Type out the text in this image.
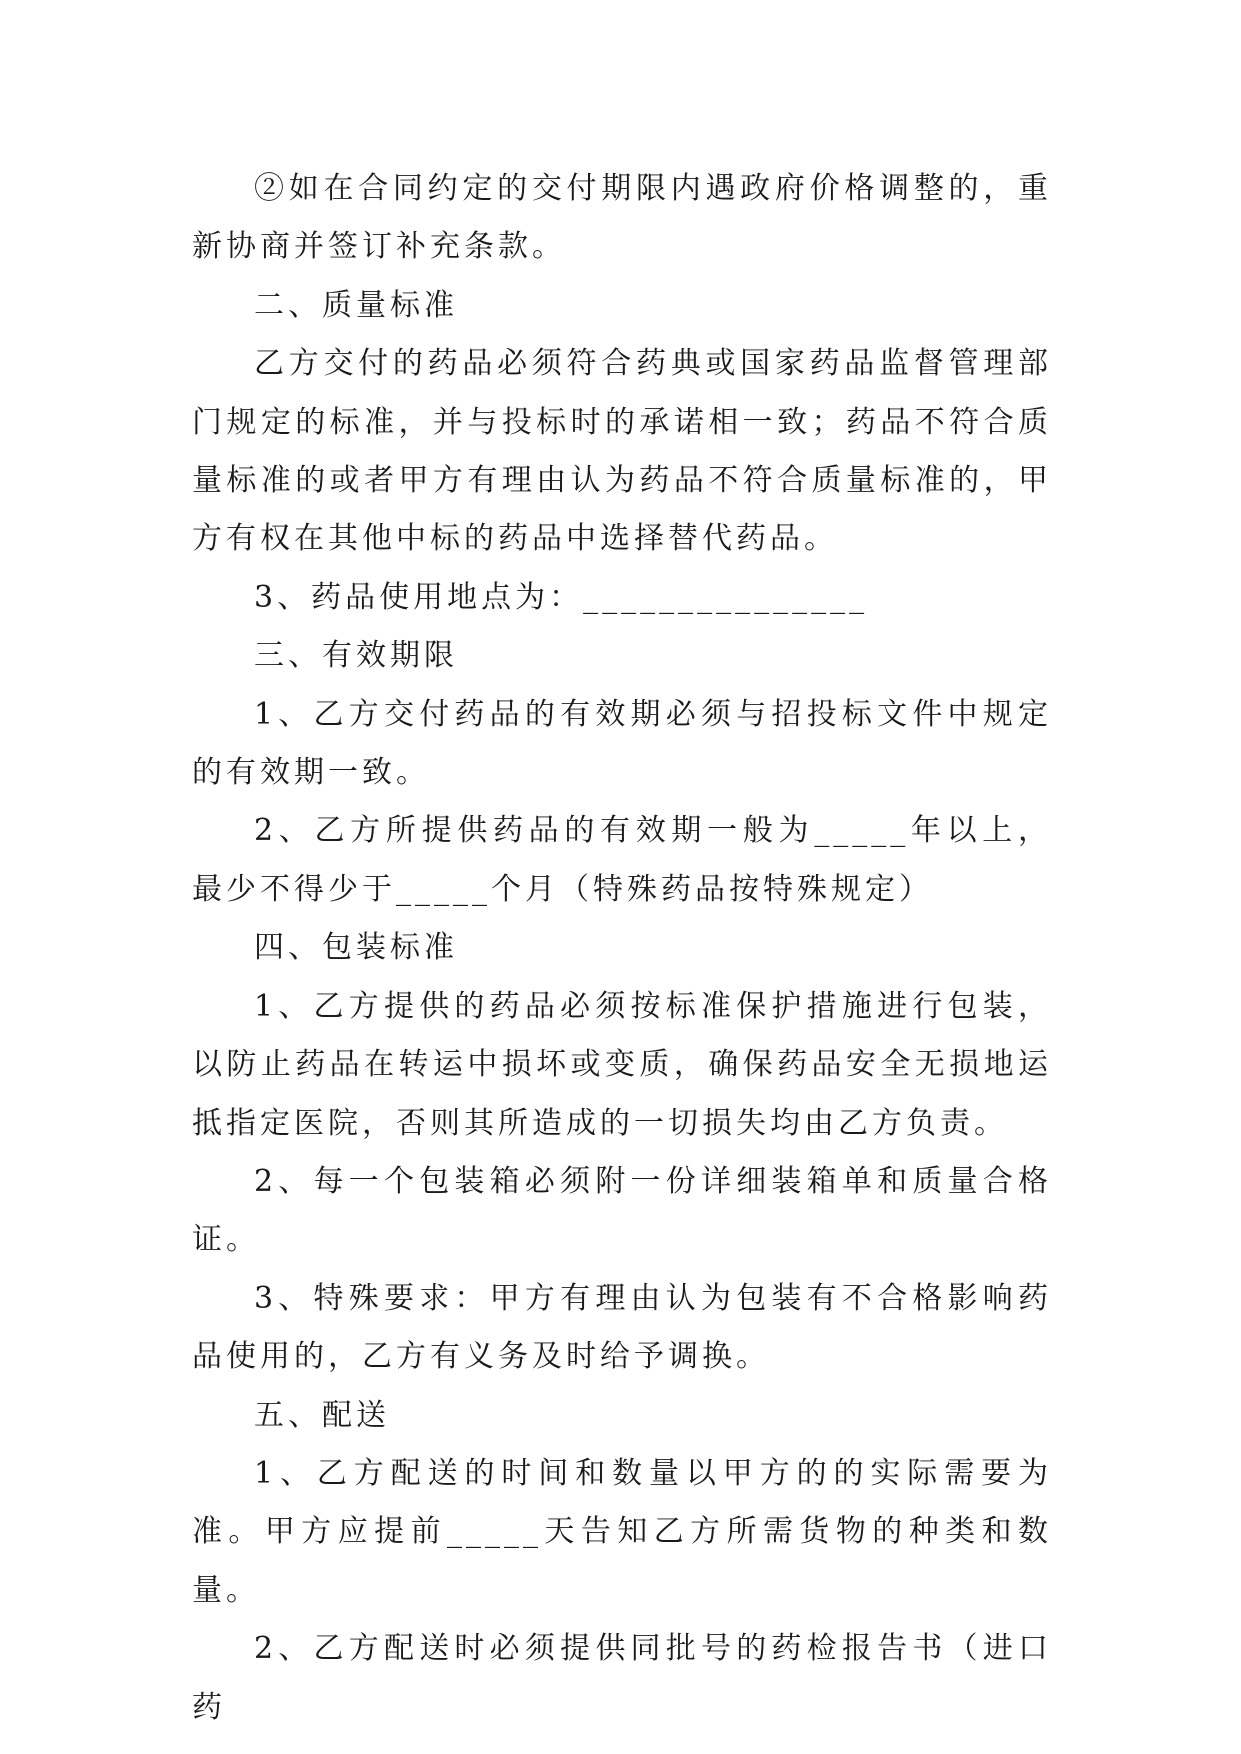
②如在合同约定的交付期限内遇政府价格调整的，重新协商并签订补充条款。

二、质量标准

乙方交付的药品必须符合药典或国家药品监督管理部门规定的标准，并与投标时的承诺相一致；药品不符合质量标准的或者甲方有理由认为药品不符合质量标准的，甲方有权在其他中标的药品中选择替代药品。

3、药品使用地点为：_______________

三、有效期限

1、乙方交付药品的有效期必须与招投标文件中规定的有效期一致。

2、乙方所提供药品的有效期一般为_____年以上，最少不得少于_____个月（特殊药品按特殊规定）

四、包装标准

1、乙方提供的药品必须按标准保护措施进行包装，以防止药品在转运中损坏或变质，确保药品安全无损地运抵指定医院，否则其所造成的一切损失均由乙方负责。

2、每一个包装箱必须附一份详细装箱单和质量合格证。

3、特殊要求：甲方有理由认为包装有不合格影响药品使用的，乙方有义务及时给予调换。

五、配送

1、乙方配送的时间和数量以甲方的的实际需要为准。甲方应提前_____天告知乙方所需货物的种类和数量。

2、乙方配送时必须提供同批号的药检报告书（进口药
